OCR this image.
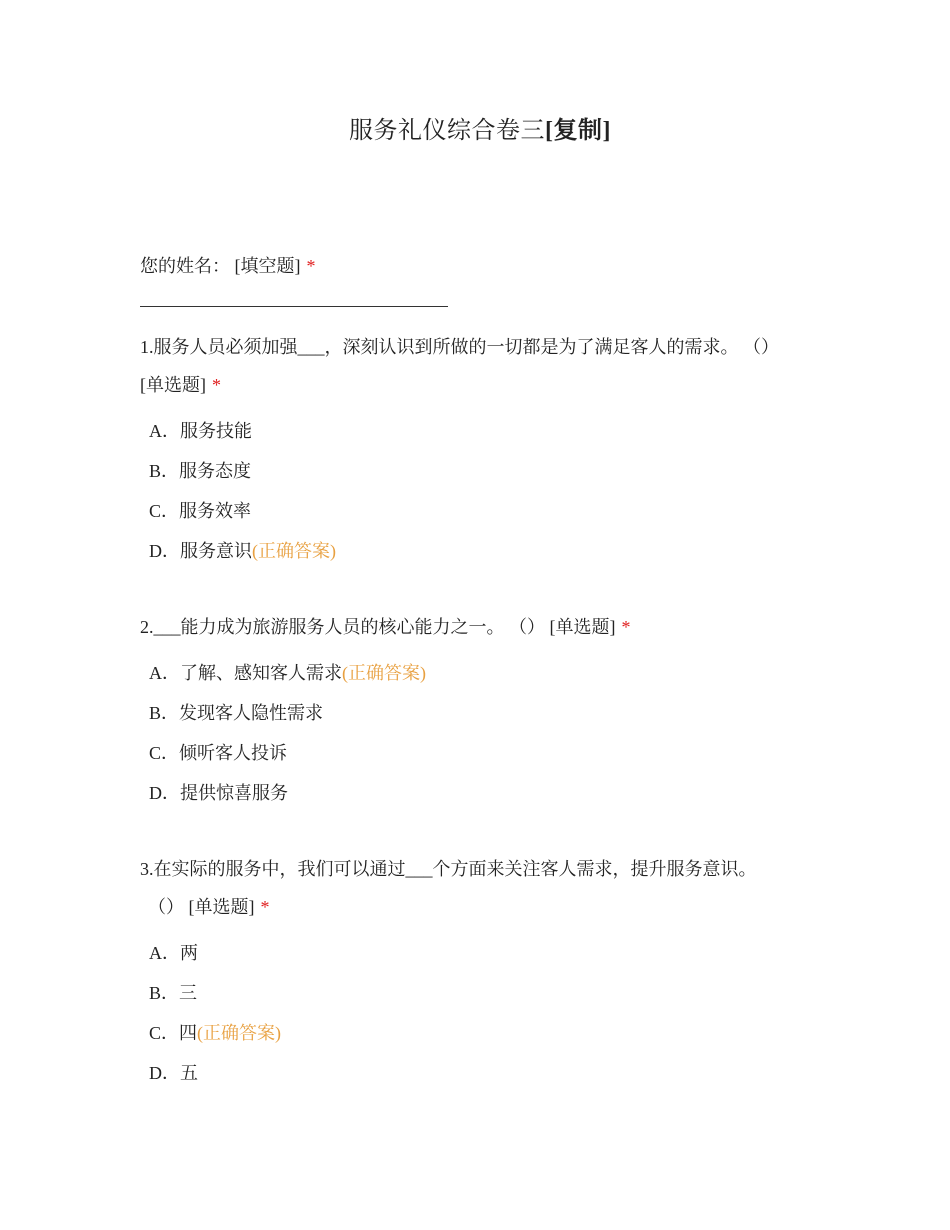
服务礼仪综合卷三[复制]
您的姓名： [填空题] *
1.服务人员必须加强___，深刻认识到所做的一切都是为了满足客人的需求。 （）
[单选题] *
A．服务技能
B．服务态度
C．服务效率
D．服务意识(正确答案)
2.___能力成为旅游服务人员的核心能力之一。 （） [单选题] *
A．了解、感知客人需求(正确答案)
B．发现客人隐性需求
C．倾听客人投诉
D．提供惊喜服务
3.在实际的服务中，我们可以通过___个方面来关注客人需求，提升服务意识。
（） [单选题] *
A．两
B．三
C．四(正确答案)
D．五
